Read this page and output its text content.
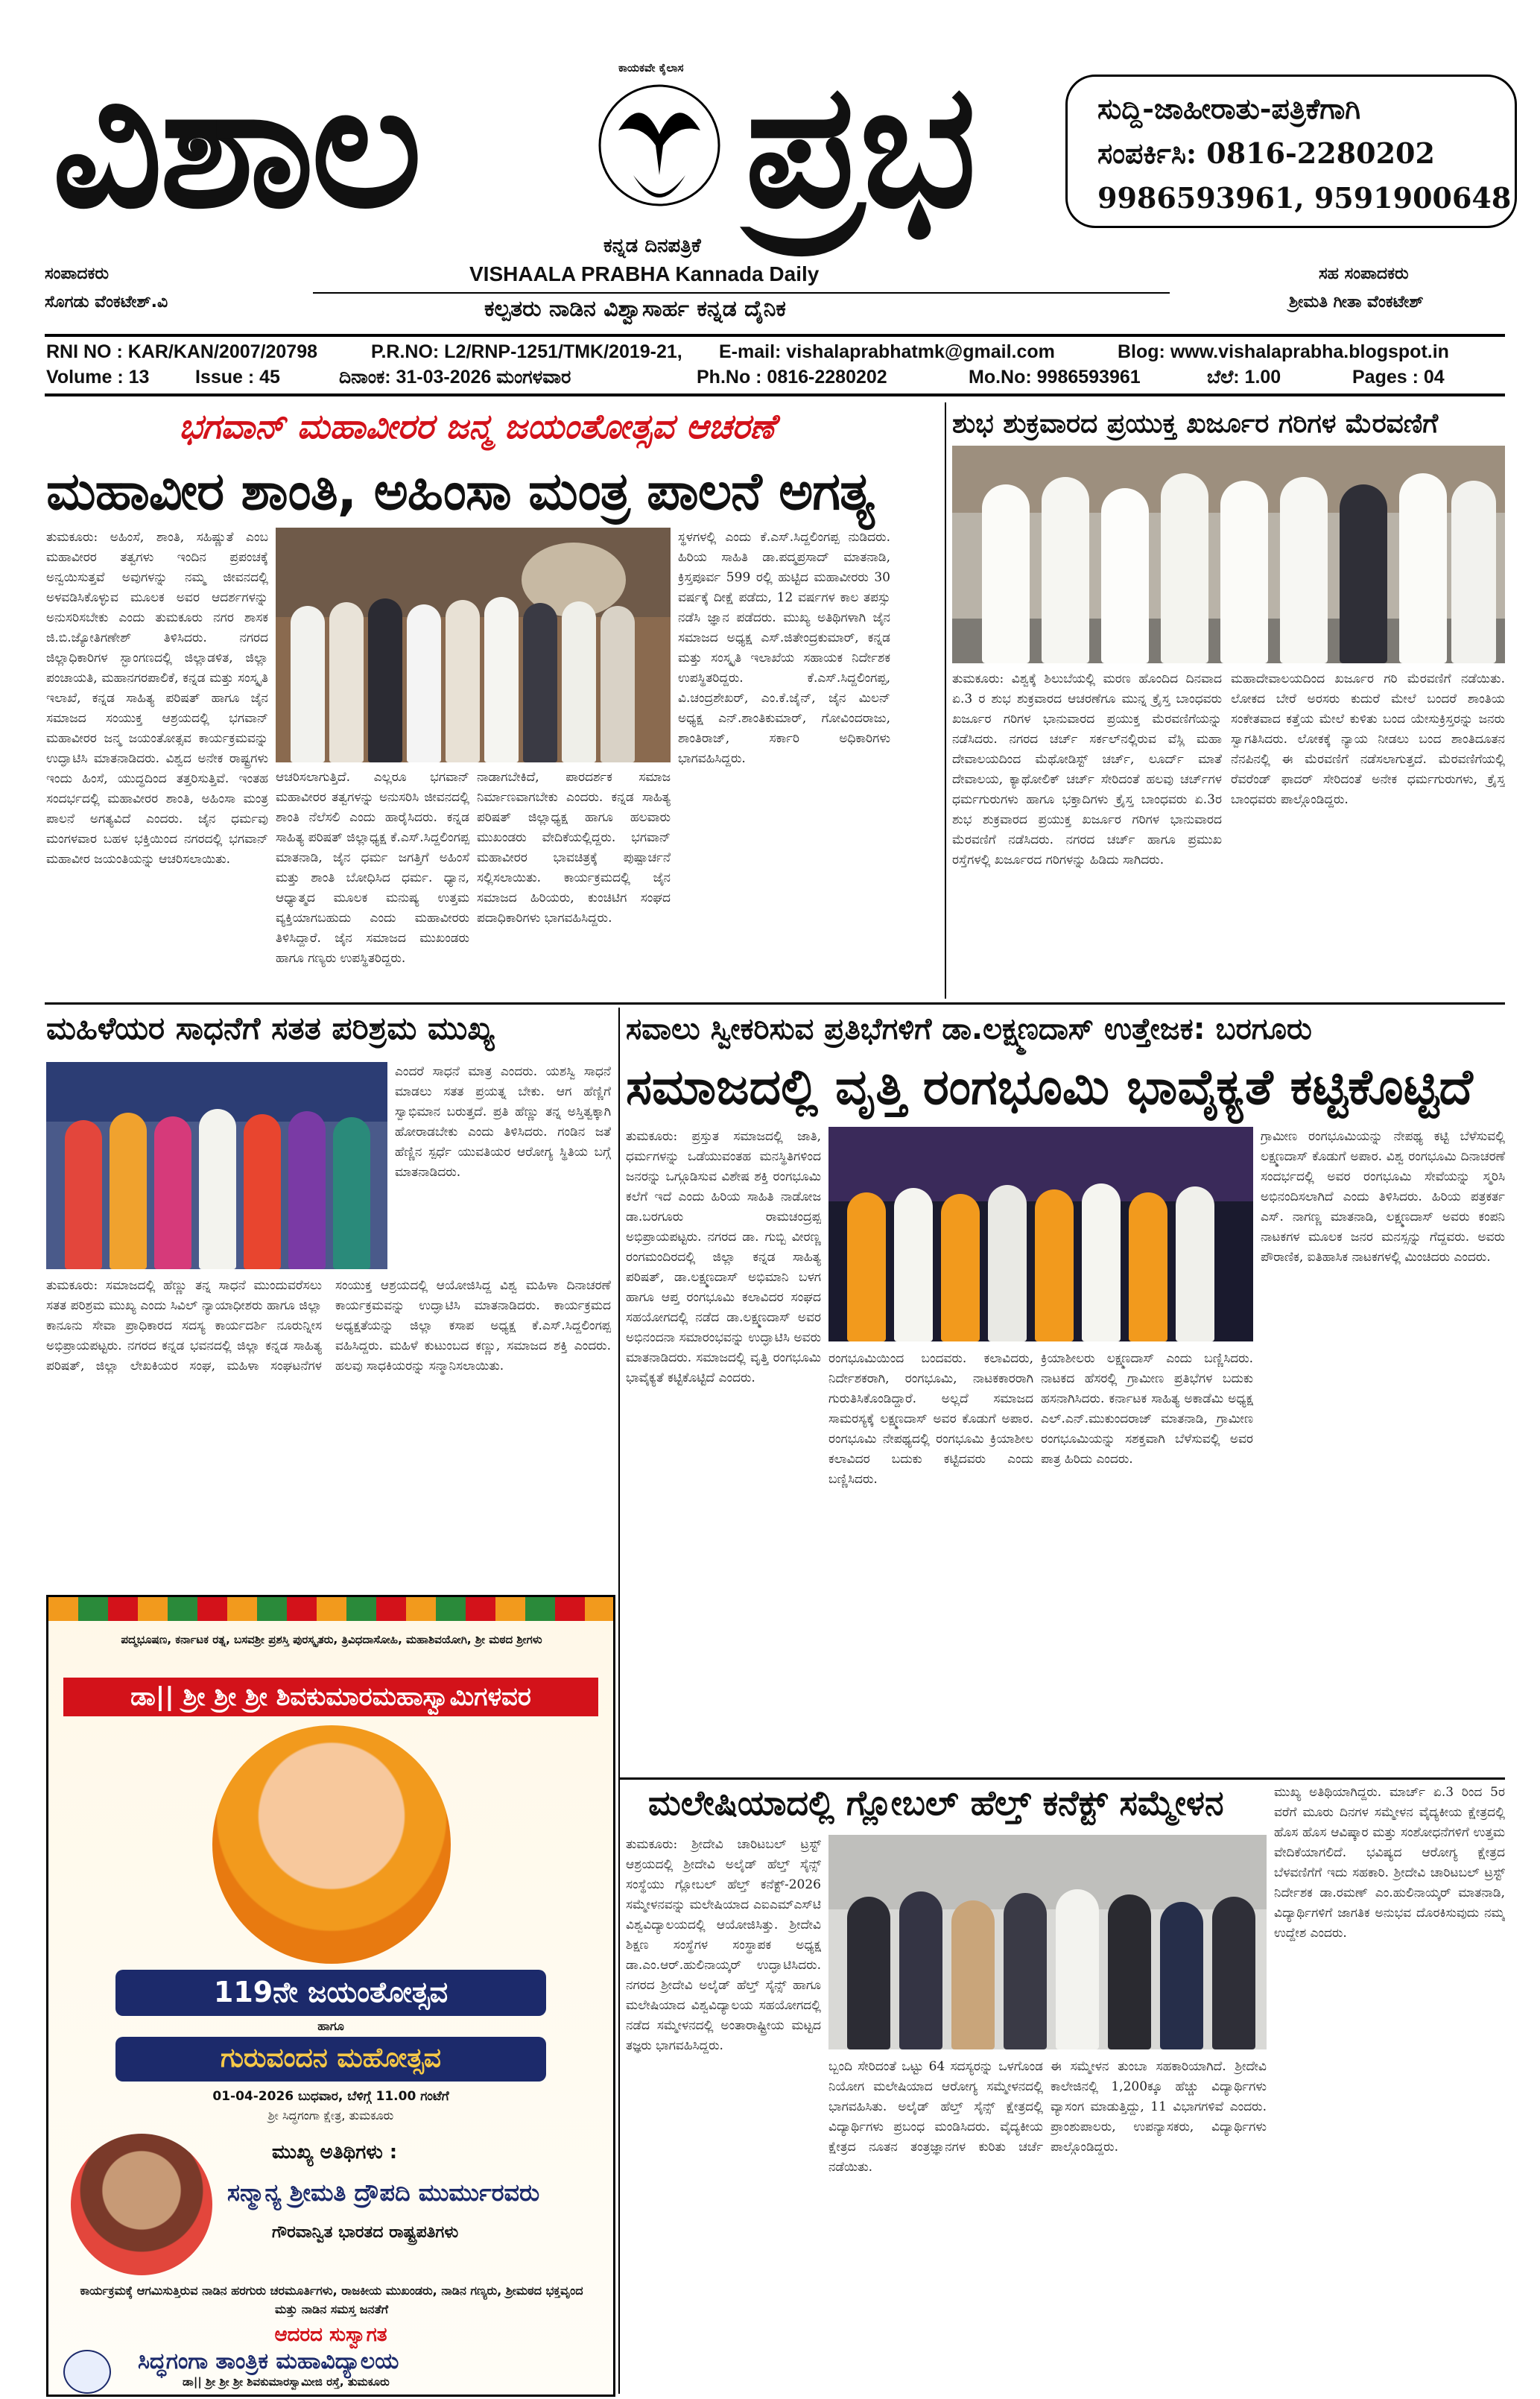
ವಿಶಾಲ	ಕಾಯಕವೇ ಕೈಲಾಸ ಪ್ರಭ
ಕನ್ನಡ ದಿನಪತ್ರಿಕೆ
ಸುದ್ದಿ-ಜಾಹೀರಾತು-ಪತ್ರಿಕೆಗಾಗಿ
ಸಂಪರ್ಕಿಸಿ: 0816-2280202
9986593961, 9591900648
ಸಂಪಾದಕರು
ಸೊಗಡು ವೆಂಕಟೇಶ್.ವಿ
VISHAALA PRABHA Kannada Daily
ಕಲ್ಪತರು ನಾಡಿನ ವಿಶ್ವಾಸಾರ್ಹ ಕನ್ನಡ ದೈನಿಕ
ಸಹ ಸಂಪಾದಕರು
ಶ್ರೀಮತಿ ಗೀತಾ ವೆಂಕಟೇಶ್
RNI NO : KAR/KAN/2007/20798	P.R.NO: L2/RNP-1251/TMK/2019-21, E-mail: vishalaprabhatmk@gmail.com	Blog: www.vishalaprabha.blogspot.in
Volume : 13 Issue : 45	ದಿನಾಂಕ: 31-03-2026 ಮಂಗಳವಾರ	Ph.No : 0816-2280202	Mo.No: 9986593961	ಬೆಲೆ: 1.00	Pages : 04
ಭಗವಾನ್ ಮಹಾವೀರರ ಜನ್ಮ ಜಯಂತೋತ್ಸವ ಆಚರಣೆ
ಮಹಾವೀರ ಶಾಂತಿ, ಅಹಿಂಸಾ ಮಂತ್ರ ಪಾಲನೆ ಅಗತ್ಯ
ತುಮಕೂರು: ಅಹಿಂಸೆ, ಶಾಂತಿ, ಸಹಿಷ್ಣುತೆ ಎಂಬ ಮಹಾವೀರರ ತತ್ವಗಳು ಇಂದಿನ ಪ್ರಪಂಚಕ್ಕೆ ಅನ್ವಯಿಸುತ್ತವೆ ಅವುಗಳನ್ನು ನಮ್ಮ ಜೀವನದಲ್ಲಿ ಅಳವಡಿಸಿಕೊಳ್ಳುವ ಮೂಲಕ ಅವರ ಆದರ್ಶಗಳನ್ನು ಅನುಸರಿಸಬೇಕು ಎಂದು ತುಮಕೂರು ನಗರ ಶಾಸಕ ಜಿ.ಬಿ.ಜ್ಯೋತಿಗಣೇಶ್ ತಿಳಿಸಿದರು. ನಗರದ ಜಿಲ್ಲಾಧಿಕಾರಿಗಳ ಸ್ಭಾಂಗಣದಲ್ಲಿ ಜಿಲ್ಲಾಡಳಿತ, ಜಿಲ್ಲಾ ಪಂಚಾಯತಿ, ಮಹಾನಗರಪಾಲಿಕೆ, ಕನ್ನಡ ಮತ್ತು ಸಂಸ್ಕೃತಿ ಇಲಾಖೆ, ಕನ್ನಡ ಸಾಹಿತ್ಯ ಪರಿಷತ್ ಹಾಗೂ ಜೈನ ಸಮಾಜದ ಸಂಯುಕ್ತ ಆಶ್ರಯದಲ್ಲಿ ಭಗವಾನ್ ಮಹಾವೀರರ ಜನ್ಮ ಜಯಂತೋತ್ಸವ ಕಾರ್ಯಕ್ರಮವನ್ನು ಉದ್ಘಾಟಿಸಿ ಮಾತನಾಡಿದರು. ವಿಶ್ವದ ಅನೇಕ ರಾಷ್ಟ್ರಗಳು ಇಂದು ಹಿಂಸೆ, ಯುದ್ಧದಿಂದ ತತ್ತರಿಸುತ್ತಿವೆ. ಇಂತಹ ಸಂದರ್ಭದಲ್ಲಿ ಮಹಾವೀರರ ಶಾಂತಿ, ಅಹಿಂಸಾ ಮಂತ್ರ ಪಾಲನೆ ಅಗತ್ಯವಿದೆ ಎಂದರು. ಜೈನ ಧರ್ಮವು ಮಂಗಳವಾರ ಬಹಳ ಭಕ್ತಿಯಿಂದ ನಗರದಲ್ಲಿ ಭಗವಾನ್ ಮಹಾವೀರ ಜಯಂತಿಯನ್ನು ಆಚರಿಸಲಾಯಿತು.
ಆಚರಿಸಲಾಗುತ್ತಿದೆ. ಎಲ್ಲರೂ ಭಗವಾನ್ ಮಹಾವೀರರ ತತ್ವಗಳನ್ನು ಅನುಸರಿಸಿ ಜೀವನದಲ್ಲಿ ಶಾಂತಿ ನೆಲೆಸಲಿ ಎಂದು ಹಾರೈಸಿದರು. ಕನ್ನಡ ಸಾಹಿತ್ಯ ಪರಿಷತ್ ಜಿಲ್ಲಾಧ್ಯಕ್ಷ ಕೆ.ಎಸ್.ಸಿದ್ದಲಿಂಗಪ್ಪ ಮಾತನಾಡಿ, ಜೈನ ಧರ್ಮ ಜಗತ್ತಿಗೆ ಅಹಿಂಸೆ ಮತ್ತು ಶಾಂತಿ ಬೋಧಿಸಿದ ಧರ್ಮ. ಧ್ಯಾನ, ಆಧ್ಯಾತ್ಮದ ಮೂಲಕ ಮನುಷ್ಯ ಉತ್ತಮ ವ್ಯಕ್ತಿಯಾಗಬಹುದು ಎಂದು ಮಹಾವೀರರು ತಿಳಿಸಿದ್ದಾರೆ. ಜೈನ ಸಮಾಜದ ಮುಖಂಡರು ಹಾಗೂ ಗಣ್ಯರು ಉಪಸ್ಥಿತರಿದ್ದರು.
ನಾಡಾಗಬೇಕಿದೆ, ಪಾರದರ್ಶಕ ಸಮಾಜ ನಿರ್ಮಾಣವಾಗಬೇಕು ಎಂದರು. ಕನ್ನಡ ಸಾಹಿತ್ಯ ಪರಿಷತ್ ಜಿಲ್ಲಾಧ್ಯಕ್ಷ ಹಾಗೂ ಹಲವಾರು ಮುಖಂಡರು ವೇದಿಕೆಯಲ್ಲಿದ್ದರು. ಭಗವಾನ್ ಮಹಾವೀರರ ಭಾವಚಿತ್ರಕ್ಕೆ ಪುಷ್ಪಾರ್ಚನೆ ಸಲ್ಲಿಸಲಾಯಿತು. ಕಾರ್ಯಕ್ರಮದಲ್ಲಿ ಜೈನ ಸಮಾಜದ ಹಿರಿಯರು, ಕುಂಚಿಟಿಗ ಸಂಘದ ಪದಾಧಿಕಾರಿಗಳು ಭಾಗವಹಿಸಿದ್ದರು.
ಸ್ಥಳಗಳಲ್ಲಿ ಎಂದು ಕೆ.ಎಸ್.ಸಿದ್ದಲಿಂಗಪ್ಪ ನುಡಿದರು. ಹಿರಿಯ ಸಾಹಿತಿ ಡಾ.ಪದ್ಮಪ್ರಸಾದ್ ಮಾತನಾಡಿ, ಕ್ರಿಸ್ತಪೂರ್ವ 599 ರಲ್ಲಿ ಹುಟ್ಟಿದ ಮಹಾವೀರರು 30 ವರ್ಷಕ್ಕೆ ದೀಕ್ಷೆ ಪಡೆದು, 12 ವರ್ಷಗಳ ಕಾಲ ತಪಸ್ಸು ನಡೆಸಿ ಜ್ಞಾನ ಪಡೆದರು. ಮುಖ್ಯ ಅತಿಥಿಗಳಾಗಿ ಜೈನ ಸಮಾಜದ ಅಧ್ಯಕ್ಷ ಎಸ್.ಜಿತೇಂದ್ರಕುಮಾರ್, ಕನ್ನಡ ಮತ್ತು ಸಂಸ್ಕೃತಿ ಇಲಾಖೆಯ ಸಹಾಯಕ ನಿರ್ದೇಶಕ ಉಪಸ್ಥಿತರಿದ್ದರು. ಕೆ.ಎಸ್.ಸಿದ್ದಲಿಂಗಪ್ಪ, ವಿ.ಚಂದ್ರಶೇಖರ್, ಎಂ.ಕೆ.ಜೈನ್, ಜೈನ ಮಿಲನ್ ಅಧ್ಯಕ್ಷ ಎನ್.ಶಾಂತಿಕುಮಾರ್, ಗೋವಿಂದರಾಜು, ಶಾಂತಿರಾಜ್, ಸರ್ಕಾರಿ ಅಧಿಕಾರಿಗಳು ಭಾಗವಹಿಸಿದ್ದರು.
ಶುಭ ಶುಕ್ರವಾರದ ಪ್ರಯುಕ್ತ ಖರ್ಜೂರ ಗರಿಗಳ ಮೆರವಣಿಗೆ
ತುಮಕೂರು: ವಿಶ್ವಕ್ಕೆ ಶಿಲುಬೆಯಲ್ಲಿ ಮರಣ ಹೊಂದಿದ ದಿನವಾದ ಏ.3 ರ ಶುಭ ಶುಕ್ರವಾರದ ಆಚರಣೆಗೂ ಮುನ್ನ ಕ್ರೈಸ್ತ ಬಾಂಧವರು ಖರ್ಜೂರ ಗರಿಗಳ ಭಾನುವಾರದ ಪ್ರಯುಕ್ತ ಮೆರವಣಿಗೆಯನ್ನು ನಡೆಸಿದರು. ನಗರದ ಚರ್ಚ್ ಸರ್ಕಲ್‌ನಲ್ಲಿರುವ ವೆಸ್ಲಿ ಮಹಾ ದೇವಾಲಯದಿಂದ ಮೆಥೋಡಿಸ್ಟ್ ಚರ್ಚ್, ಲೂರ್ದ್ ಮಾತೆ ದೇವಾಲಯ, ಕ್ಯಾಥೋಲಿಕ್ ಚರ್ಚ್ ಸೇರಿದಂತೆ ಹಲವು ಚರ್ಚ್‌ಗಳ ಧರ್ಮಗುರುಗಳು ಹಾಗೂ ಭಕ್ತಾದಿಗಳು ಕ್ರೈಸ್ತ ಬಾಂಧವರು ಏ.3ರ ಶುಭ ಶುಕ್ರವಾರದ ಪ್ರಯುಕ್ತ ಖರ್ಜೂರ ಗರಿಗಳ ಭಾನುವಾರದ ಮೆರವಣಿಗೆ ನಡೆಸಿದರು. ನಗರದ ಚರ್ಚ್ ಹಾಗೂ ಪ್ರಮುಖ ರಸ್ತೆಗಳಲ್ಲಿ ಖರ್ಜೂರದ ಗರಿಗಳನ್ನು ಹಿಡಿದು ಸಾಗಿದರು.
ಮಹಾದೇವಾಲಯದಿಂದ ಖರ್ಜೂರ ಗರಿ ಮೆರವಣಿಗೆ ನಡೆಯಿತು. ಲೋಕದ ಬೇರೆ ಅರಸರು ಕುದುರೆ ಮೇಲೆ ಬಂದರೆ ಶಾಂತಿಯ ಸಂಕೇತವಾದ ಕತ್ತೆಯ ಮೇಲೆ ಕುಳಿತು ಬಂದ ಯೇಸುಕ್ರಿಸ್ತರನ್ನು ಜನರು ಸ್ವಾಗತಿಸಿದರು. ಲೋಕಕ್ಕೆ ನ್ಯಾಯ ನೀಡಲು ಬಂದ ಶಾಂತಿದೂತನ ನೆನಪಿನಲ್ಲಿ ಈ ಮೆರವಣಿಗೆ ನಡೆಸಲಾಗುತ್ತದೆ. ಮೆರವಣಿಗೆಯಲ್ಲಿ ರೆವರೆಂಡ್ ಫಾದರ್ ಸೇರಿದಂತೆ ಅನೇಕ ಧರ್ಮಗುರುಗಳು, ಕ್ರೈಸ್ತ ಬಾಂಧವರು ಪಾಲ್ಗೊಂಡಿದ್ದರು.
ಮಹಿಳೆಯರ ಸಾಧನೆಗೆ ಸತತ ಪರಿಶ್ರಮ ಮುಖ್ಯ
ಎಂದರೆ ಸಾಧನೆ ಮಾತ್ರ ಎಂದರು. ಯಶಸ್ವಿ ಸಾಧನೆ ಮಾಡಲು ಸತತ ಪ್ರಯತ್ನ ಬೇಕು. ಆಗ ಹೆಣ್ಣಿಗೆ ಸ್ವಾಭಿಮಾನ ಬರುತ್ತದೆ. ಪ್ರತಿ ಹೆಣ್ಣು ತನ್ನ ಅಸ್ತಿತ್ವಕ್ಕಾಗಿ ಹೋರಾಡಬೇಕು ಎಂದು ತಿಳಿಸಿದರು. ಗಂಡಿನ ಜತೆ ಹೆಣ್ಣಿನ ಸ್ಪರ್ಧೆ ಯುವತಿಯರ ಆರೋಗ್ಯ ಸ್ಥಿತಿಯ ಬಗ್ಗೆ ಮಾತನಾಡಿದರು.
ತುಮಕೂರು: ಸಮಾಜದಲ್ಲಿ ಹೆಣ್ಣು ತನ್ನ ಸಾಧನೆ ಮುಂದುವರೆಸಲು ಸತತ ಪರಿಶ್ರಮ ಮುಖ್ಯ ಎಂದು ಸಿವಿಲ್ ನ್ಯಾಯಾಧೀಶರು ಹಾಗೂ ಜಿಲ್ಲಾ ಕಾನೂನು ಸೇವಾ ಪ್ರಾಧಿಕಾರದ ಸದಸ್ಯ ಕಾರ್ಯದರ್ಶಿ ನೂರುನ್ನೀಸ ಅಭಿಪ್ರಾಯಪಟ್ಟರು. ನಗರದ ಕನ್ನಡ ಭವನದಲ್ಲಿ ಜಿಲ್ಲಾ ಕನ್ನಡ ಸಾಹಿತ್ಯ ಪರಿಷತ್, ಜಿಲ್ಲಾ ಲೇಖಕಿಯರ ಸಂಘ, ಮಹಿಳಾ ಸಂಘಟನೆಗಳ ಸಂಯುಕ್ತ ಆಶ್ರಯದಲ್ಲಿ ಆಯೋಜಿಸಿದ್ದ ವಿಶ್ವ ಮಹಿಳಾ ದಿನಾಚರಣೆ ಕಾರ್ಯಕ್ರಮವನ್ನು ಉದ್ಘಾಟಿಸಿ ಮಾತನಾಡಿದರು. ಕಾರ್ಯಕ್ರಮದ ಅಧ್ಯಕ್ಷತೆಯನ್ನು ಜಿಲ್ಲಾ ಕಸಾಪ ಅಧ್ಯಕ್ಷ ಕೆ.ಎಸ್.ಸಿದ್ದಲಿಂಗಪ್ಪ ವಹಿಸಿದ್ದರು. ಮಹಿಳೆ ಕುಟುಂಬದ ಕಣ್ಣು, ಸಮಾಜದ ಶಕ್ತಿ ಎಂದರು. ಹಲವು ಸಾಧಕಿಯರನ್ನು ಸನ್ಮಾನಿಸಲಾಯಿತು.
ಸವಾಲು ಸ್ವೀಕರಿಸುವ ಪ್ರತಿಭೆಗಳಿಗೆ ಡಾ.ಲಕ್ಷ್ಮಣದಾಸ್ ಉತ್ತೇಜಕ: ಬರಗೂರು
ಸಮಾಜದಲ್ಲಿ ವೃತ್ತಿ ರಂಗಭೂಮಿ ಭಾವೈಕ್ಯತೆ ಕಟ್ಟಿಕೊಟ್ಟಿದೆ
ತುಮಕೂರು: ಪ್ರಸ್ತುತ ಸಮಾಜದಲ್ಲಿ ಜಾತಿ, ಧರ್ಮಗಳನ್ನು ಒಡೆಯುವಂತಹ ಮನಸ್ಥಿತಿಗಳಿಂದ ಜನರನ್ನು ಒಗ್ಗೂಡಿಸುವ ವಿಶೇಷ ಶಕ್ತಿ ರಂಗಭೂಮಿ ಕಲೆಗೆ ಇದೆ ಎಂದು ಹಿರಿಯ ಸಾಹಿತಿ ನಾಡೋಜ ಡಾ.ಬರಗೂರು ರಾಮಚಂದ್ರಪ್ಪ ಅಭಿಪ್ರಾಯಪಟ್ಟರು. ನಗರದ ಡಾ. ಗುಬ್ಬಿ ವೀರಣ್ಣ ರಂಗಮಂದಿರದಲ್ಲಿ ಜಿಲ್ಲಾ ಕನ್ನಡ ಸಾಹಿತ್ಯ ಪರಿಷತ್, ಡಾ.ಲಕ್ಷ್ಮಣದಾಸ್ ಅಭಿಮಾನಿ ಬಳಗ ಹಾಗೂ ಆಪ್ತ ರಂಗಭೂಮಿ ಕಲಾವಿದರ ಸಂಘದ ಸಹಯೋಗದಲ್ಲಿ ನಡೆದ ಡಾ.ಲಕ್ಷ್ಮಣದಾಸ್ ಅವರ ಅಭಿನಂದನಾ ಸಮಾರಂಭವನ್ನು ಉದ್ಘಾಟಿಸಿ ಅವರು ಮಾತನಾಡಿದರು. ಸಮಾಜದಲ್ಲಿ ವೃತ್ತಿ ರಂಗಭೂಮಿ ಭಾವೈಕ್ಯತೆ ಕಟ್ಟಿಕೊಟ್ಟಿದೆ ಎಂದರು.
ಗ್ರಾಮೀಣ ರಂಗಭೂಮಿಯನ್ನು ನೇಪಥ್ಯ ಕಟ್ಟಿ ಬೆಳೆಸುವಲ್ಲಿ ಲಕ್ಷ್ಮಣದಾಸ್ ಕೊಡುಗೆ ಅಪಾರ. ವಿಶ್ವ ರಂಗಭೂಮಿ ದಿನಾಚರಣೆ ಸಂದರ್ಭದಲ್ಲಿ ಅವರ ರಂಗಭೂಮಿ ಸೇವೆಯನ್ನು ಸ್ಮರಿಸಿ ಅಭಿನಂದಿಸಲಾಗಿದೆ ಎಂದು ತಿಳಿಸಿದರು. ಹಿರಿಯ ಪತ್ರಕರ್ತ ಎಸ್. ನಾಗಣ್ಣ ಮಾತನಾಡಿ, ಲಕ್ಷ್ಮಣದಾಸ್ ಅವರು ಕಂಪನಿ ನಾಟಕಗಳ ಮೂಲಕ ಜನರ ಮನಸ್ಸನ್ನು ಗೆದ್ದವರು. ಅವರು ಪೌರಾಣಿಕ, ಐತಿಹಾಸಿಕ ನಾಟಕಗಳಲ್ಲಿ ಮಿಂಚಿದರು ಎಂದರು.
ರಂಗಭೂಮಿಯಿಂದ ಬಂದವರು. ಕಲಾವಿದರು, ನಿರ್ದೇಶಕರಾಗಿ, ರಂಗಭೂಮಿ, ನಾಟಕಕಾರರಾಗಿ ಗುರುತಿಸಿಕೊಂಡಿದ್ದಾರೆ. ಅಲ್ಲದೆ ಸಮಾಜದ ಸಾಮರಸ್ಯಕ್ಕೆ ಲಕ್ಷ್ಮಣದಾಸ್ ಅವರ ಕೊಡುಗೆ ಅಪಾರ. ರಂಗಭೂಮಿ ನೇಪಥ್ಯದಲ್ಲಿ ರಂಗಭೂಮಿ ಕ್ರಿಯಾಶೀಲ ಕಲಾವಿದರ ಬದುಕು ಕಟ್ಟಿದವರು ಎಂದು ಬಣ್ಣಿಸಿದರು.
ಕ್ರಿಯಾಶೀಲರು ಲಕ್ಷ್ಮಣದಾಸ್ ಎಂದು ಬಣ್ಣಿಸಿದರು. ನಾಟಕದ ಹೆಸರಲ್ಲಿ ಗ್ರಾಮೀಣ ಪ್ರತಿಭೆಗಳ ಬದುಕು ಹಸನಾಗಿಸಿದರು. ಕರ್ನಾಟಕ ಸಾಹಿತ್ಯ ಅಕಾಡೆಮಿ ಅಧ್ಯಕ್ಷ ಎಲ್.ಎನ್.ಮುಕುಂದರಾಜ್ ಮಾತನಾಡಿ, ಗ್ರಾಮೀಣ ರಂಗಭೂಮಿಯನ್ನು ಸಶಕ್ತವಾಗಿ ಬೆಳೆಸುವಲ್ಲಿ ಅವರ ಪಾತ್ರ ಹಿರಿದು ಎಂದರು.
ಮಲೇಷಿಯಾದಲ್ಲಿ ಗ್ಲೋಬಲ್ ಹೆಲ್ತ್ ಕನೆಕ್ಟ್ ಸಮ್ಮೇಳನ
ತುಮಕೂರು: ಶ್ರೀದೇವಿ ಚಾರಿಟಬಲ್ ಟ್ರಸ್ಟ್ ಆಶ್ರಯದಲ್ಲಿ ಶ್ರೀದೇವಿ ಅಲೈಡ್ ಹೆಲ್ತ್ ಸೈನ್ಸ್ ಸಂಸ್ಥೆಯು ಗ್ಲೋಬಲ್ ಹೆಲ್ತ್ ಕನೆಕ್ಟ್-2026 ಸಮ್ಮೇಳನವನ್ನು ಮಲೇಷಿಯಾದ ಎಐಎಮ್‌ಎಸ್‌ಟಿ ವಿಶ್ವವಿದ್ಯಾಲಯದಲ್ಲಿ ಆಯೋಜಿಸಿತ್ತು. ಶ್ರೀದೇವಿ ಶಿಕ್ಷಣ ಸಂಸ್ಥೆಗಳ ಸಂಸ್ಥಾಪಕ ಅಧ್ಯಕ್ಷ ಡಾ.ಎಂ.ಆರ್.ಹುಲಿನಾಯ್ಕರ್ ಉದ್ಘಾಟಿಸಿದರು. ನಗರದ ಶ್ರೀದೇವಿ ಅಲೈಡ್ ಹೆಲ್ತ್ ಸೈನ್ಸ್ ಹಾಗೂ ಮಲೇಷಿಯಾದ ವಿಶ್ವವಿದ್ಯಾಲಯ ಸಹಯೋಗದಲ್ಲಿ ನಡೆದ ಸಮ್ಮೇಳನದಲ್ಲಿ ಅಂತಾರಾಷ್ಟ್ರೀಯ ಮಟ್ಟದ ತಜ್ಞರು ಭಾಗವಹಿಸಿದ್ದರು.
ಮುಖ್ಯ ಅತಿಥಿಯಾಗಿದ್ದರು. ಮಾರ್ಚ್ ಏ.3 ರಿಂದ 5ರ ವರೆಗೆ ಮೂರು ದಿನಗಳ ಸಮ್ಮೇಳನ ವೈದ್ಯಕೀಯ ಕ್ಷೇತ್ರದಲ್ಲಿ ಹೊಸ ಹೊಸ ಆವಿಷ್ಕಾರ ಮತ್ತು ಸಂಶೋಧನೆಗಳಿಗೆ ಉತ್ತಮ ವೇದಿಕೆಯಾಗಲಿದೆ. ಭವಿಷ್ಯದ ಆರೋಗ್ಯ ಕ್ಷೇತ್ರದ ಬೆಳವಣಿಗೆಗೆ ಇದು ಸಹಕಾರಿ. ಶ್ರೀದೇವಿ ಚಾರಿಟಬಲ್ ಟ್ರಸ್ಟ್ ನಿರ್ದೇಶಕ ಡಾ.ರಮಣ್ ಎಂ.ಹುಲಿನಾಯ್ಕರ್ ಮಾತನಾಡಿ, ವಿದ್ಯಾರ್ಥಿಗಳಿಗೆ ಜಾಗತಿಕ ಅನುಭವ ದೊರಕಿಸುವುದು ನಮ್ಮ ಉದ್ದೇಶ ಎಂದರು.
ಬ್ಬಂದಿ ಸೇರಿದಂತೆ ಒಟ್ಟು 64 ಸದಸ್ಯರನ್ನು ಒಳಗೊಂಡ ನಿಯೋಗ ಮಲೇಷಿಯಾದ ಆರೋಗ್ಯ ಸಮ್ಮೇಳನದಲ್ಲಿ ಭಾಗವಹಿಸಿತು. ಅಲೈಡ್ ಹೆಲ್ತ್ ಸೈನ್ಸ್ ಕ್ಷೇತ್ರದಲ್ಲಿ ವಿದ್ಯಾರ್ಥಿಗಳು ಪ್ರಬಂಧ ಮಂಡಿಸಿದರು. ವೈದ್ಯಕೀಯ ಕ್ಷೇತ್ರದ ನೂತನ ತಂತ್ರಜ್ಞಾನಗಳ ಕುರಿತು ಚರ್ಚೆ ನಡೆಯಿತು.
ಈ ಸಮ್ಮೇಳನ ತುಂಬಾ ಸಹಕಾರಿಯಾಗಿದೆ. ಶ್ರೀದೇವಿ ಕಾಲೇಜಿನಲ್ಲಿ 1,200ಕ್ಕೂ ಹೆಚ್ಚು ವಿದ್ಯಾರ್ಥಿಗಳು ವ್ಯಾಸಂಗ ಮಾಡುತ್ತಿದ್ದು, 11 ವಿಭಾಗಗಳಿವೆ ಎಂದರು. ಪ್ರಾಂಶುಪಾಲರು, ಉಪನ್ಯಾಸಕರು, ವಿದ್ಯಾರ್ಥಿಗಳು ಪಾಲ್ಗೊಂಡಿದ್ದರು.
ಪದ್ಮಭೂಷಣ, ಕರ್ನಾಟಕ ರತ್ನ, ಬಸವಶ್ರೀ ಪ್ರಶಸ್ತಿ ಪುರಸ್ಕೃತರು, ತ್ರಿವಿಧದಾಸೋಹಿ, ಮಹಾಶಿವಯೋಗಿ, ಶ್ರೀ ಮಠದ ಶ್ರೀಗಳು
ಡಾ|| ಶ್ರೀ ಶ್ರೀ ಶ್ರೀ ಶಿವಕುಮಾರಮಹಾಸ್ವಾಮಿಗಳವರ
119ನೇ ಜಯಂತೋತ್ಸವ
ಹಾಗೂ
ಗುರುವಂದನ ಮಹೋತ್ಸವ
01-04-2026 ಬುಧವಾರ, ಬೆಳಿಗ್ಗೆ 11.00 ಗಂಟೆಗೆ
ಶ್ರೀ ಸಿದ್ಧಗಂಗಾ ಕ್ಷೇತ್ರ, ತುಮಕೂರು
ಮುಖ್ಯ ಅತಿಥಿಗಳು :
ಸನ್ಮಾನ್ಯ ಶ್ರೀಮತಿ ದ್ರೌಪದಿ ಮುರ್ಮುರವರು
ಗೌರವಾನ್ವಿತ ಭಾರತದ ರಾಷ್ಟ್ರಪತಿಗಳು
ಕಾರ್ಯಕ್ರಮಕ್ಕೆ ಆಗಮಿಸುತ್ತಿರುವ ನಾಡಿನ ಹರಗುರು ಚರಮೂರ್ತಿಗಳು, ರಾಜಕೀಯ ಮುಖಂಡರು, ನಾಡಿನ ಗಣ್ಯರು, ಶ್ರೀಮಠದ ಭಕ್ತವೃಂದ ಮತ್ತು ನಾಡಿನ ಸಮಸ್ತ ಜನತೆಗೆ
ಆದರದ ಸುಸ್ವಾಗತ
ಸಿದ್ಧಗಂಗಾ ತಾಂತ್ರಿಕ ಮಹಾವಿದ್ಯಾಲಯ
ಡಾ|| ಶ್ರೀ ಶ್ರೀ ಶ್ರೀ ಶಿವಕುಮಾರಸ್ವಾಮೀಜಿ ರಸ್ತೆ, ತುಮಕೂರು
